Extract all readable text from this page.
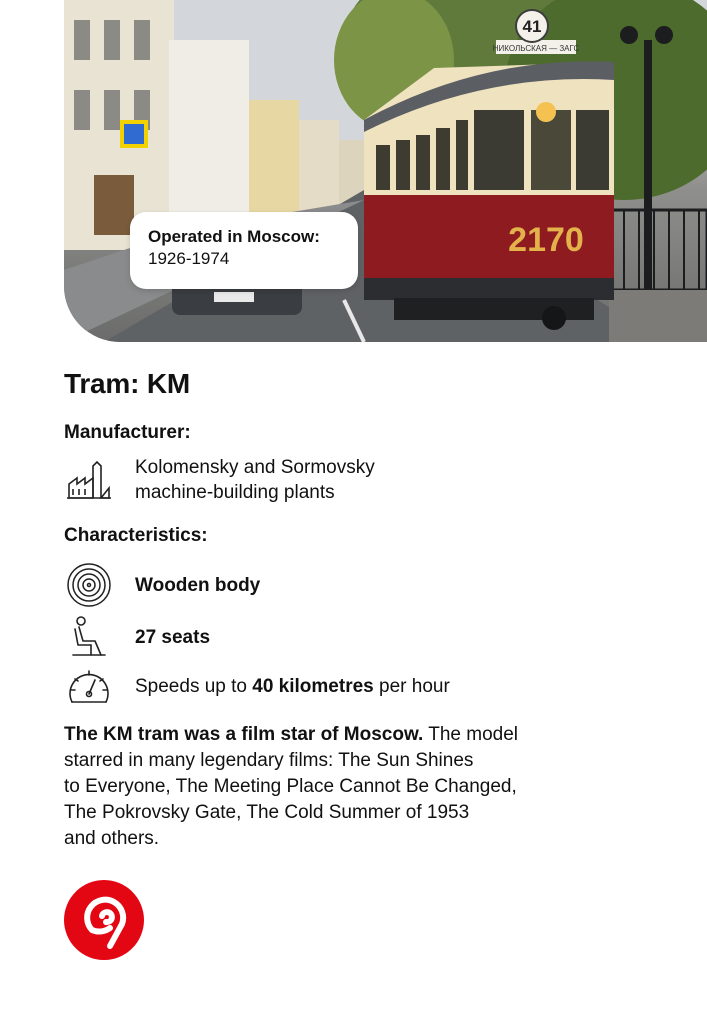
41
НИКОЛЬСКАЯ — ЗАГС
2170
Operated in Moscow:
1926-1974
Tram: KM
Manufacturer:
Kolomensky and Sormovsky
machine-building plants
Characteristics:
Wooden body
27 seats
Speeds up to 40 kilometres per hour
The KM tram was a film star of Moscow. The model
starred in many legendary films: The Sun Shines
to Everyone, The Meeting Place Cannot Be Changed,
The Pokrovsky Gate, The Cold Summer of 1953
and others.
